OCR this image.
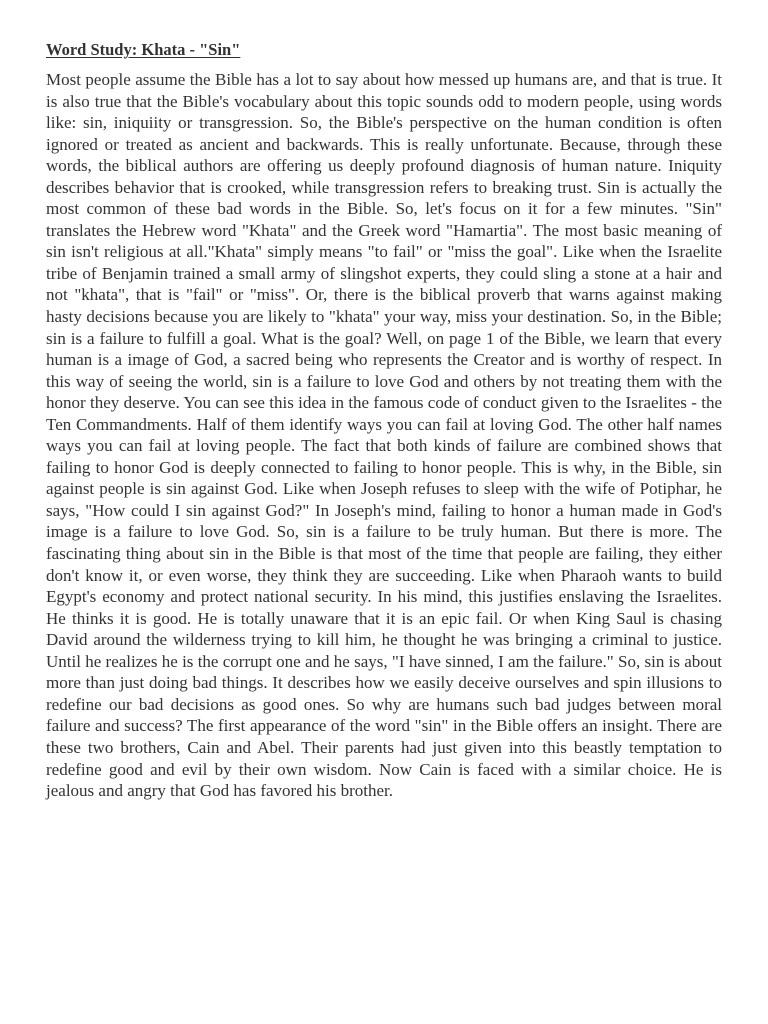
Word Study: Khata - "Sin"

Most people assume the Bible has a lot to say about how messed up humans are, and that is true. It is also true that the Bible's vocabulary about this topic sounds odd to modern people, using words like: sin, iniquiity or transgression. So, the Bible's perspective on the human condition is often ignored or treated as ancient and backwards. This is really unfortunate. Because, through these words, the biblical authors are offering us deeply profound diagnosis of human nature. Iniquity describes behavior that is crooked, while transgression refers to breaking trust. Sin is actually the most common of these bad words in the Bible. So, let's focus on it for a few minutes. "Sin" translates the Hebrew word "Khata" and the Greek word "Hamartia". The most basic meaning of sin isn't religious at all."Khata" simply means "to fail" or "miss the goal". Like when the Israelite tribe of Benjamin trained a small army of slingshot experts, they could sling a stone at a hair and not "khata", that is "fail" or "miss". Or, there is the biblical proverb that warns against making hasty decisions because you are likely to "khata" your way, miss your destination. So, in the Bible; sin is a failure to fulfill a goal. What is the goal? Well, on page 1 of the Bible, we learn that every human is a image of God, a sacred being who represents the Creator and is worthy of respect. In this way of seeing the world, sin is a failure to love God and others by not treating them with the honor they deserve. You can see this idea in the famous code of conduct given to the Israelites - the Ten Commandments. Half of them identify ways you can fail at loving God. The other half names ways you can fail at loving people. The fact that both kinds of failure are combined shows that failing to honor God is deeply connected to failing to honor people. This is why, in the Bible, sin against people is sin against God. Like when Joseph refuses to sleep with the wife of Potiphar, he says, "How could I sin against God?" In Joseph's mind, failing to honor a human made in God's image is a failure to love God. So, sin is a failure to be truly human. But there is more. The fascinating thing about sin in the Bible is that most of the time that people are failing, they either don't know it, or even worse, they think they are succeeding. Like when Pharaoh wants to build Egypt's economy and protect national security. In his mind, this justifies enslaving the Israelites. He thinks it is good. He is totally unaware that it is an epic fail. Or when King Saul is chasing David around the wilderness trying to kill him, he thought he was bringing a criminal to justice. Until he realizes he is the corrupt one and he says, "I have sinned, I am the failure." So, sin is about more than just doing bad things. It describes how we easily deceive ourselves and spin illusions to redefine our bad decisions as good ones. So why are humans such bad judges between moral failure and success? The first appearance of the word "sin" in the Bible offers an insight. There are these two brothers, Cain and Abel. Their parents had just given into this beastly temptation to redefine good and evil by their own wisdom. Now Cain is faced with a similar choice. He is jealous and angry that God has favored his brother.
